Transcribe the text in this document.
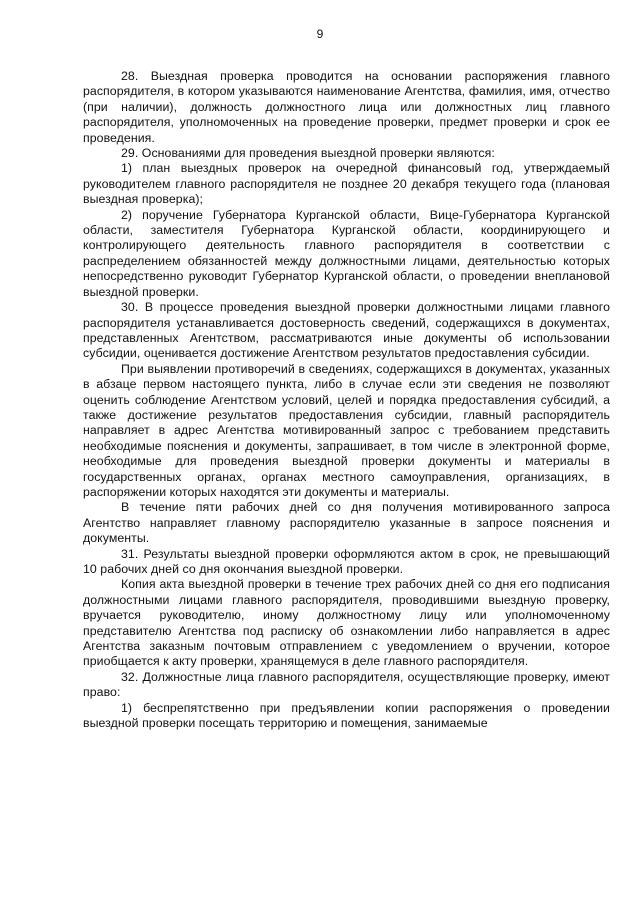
9

28. Выездная проверка проводится на основании распоряжения главного распорядителя, в котором указываются наименование Агентства, фамилия, имя, отчество (при наличии), должность должностного лица или должностных лиц главного распорядителя, уполномоченных на проведение проверки, предмет проверки и срок ее проведения.

29. Основаниями для проведения выездной проверки являются:

1) план выездных проверок на очередной финансовый год, утверждаемый руководителем главного распорядителя не позднее 20 декабря текущего года (плановая выездная проверка);

2) поручение Губернатора Курганской области, Вице-Губернатора Курганской области, заместителя Губернатора Курганской области, координирующего и контролирующего деятельность главного распорядителя в соответствии с распределением обязанностей между должностными лицами, деятельностью которых непосредственно руководит Губернатор Курганской области, о проведении внеплановой выездной проверки.

30. В процессе проведения выездной проверки должностными лицами главного распорядителя устанавливается достоверность сведений, содержащихся в документах, представленных Агентством, рассматриваются иные документы об использовании субсидии, оценивается достижение Агентством результатов предоставления субсидии.

При выявлении противоречий в сведениях, содержащихся в документах, указанных в абзаце первом настоящего пункта, либо в случае если эти сведения не позволяют оценить соблюдение Агентством условий, целей и порядка предоставления субсидий, а также достижение результатов предоставления субсидии, главный распорядитель направляет в адрес Агентства мотивированный запрос с требованием представить необходимые пояснения и документы, запрашивает, в том числе в электронной форме, необходимые для проведения выездной проверки документы и материалы в государственных органах, органах местного самоуправления, организациях, в распоряжении которых находятся эти документы и материалы.

В течение пяти рабочих дней со дня получения мотивированного запроса Агентство направляет главному распорядителю указанные в запросе пояснения и документы.

31. Результаты выездной проверки оформляются актом в срок, не превышающий 10 рабочих дней со дня окончания выездной проверки.

Копия акта выездной проверки в течение трех рабочих дней со дня его подписания должностными лицами главного распорядителя, проводившими выездную проверку, вручается руководителю, иному должностному лицу или уполномоченному представителю Агентства под расписку об ознакомлении либо направляется в адрес Агентства заказным почтовым отправлением с уведомлением о вручении, которое приобщается к акту проверки, хранящемуся в деле главного распорядителя.

32. Должностные лица главного распорядителя, осуществляющие проверку, имеют право:

1) беспрепятственно при предъявлении копии распоряжения о проведении выездной проверки посещать территорию и помещения, занимаемые
